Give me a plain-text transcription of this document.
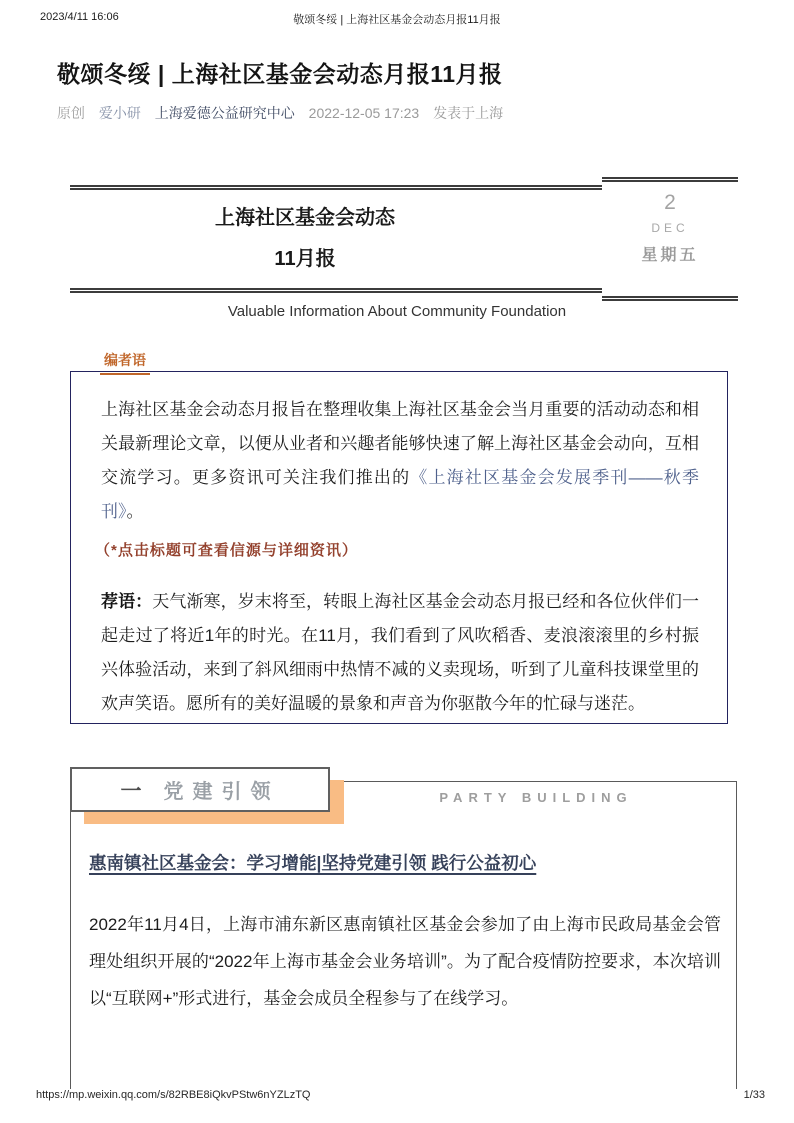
2023/4/11 16:06	敬颂冬绥 | 上海社区基金会动态月报11月报
敬颂冬绥 | 上海社区基金会动态月报11月报
原创 爱小研 上海爱德公益研究中心 2022-12-05 17:23 发表于上海
上海社区基金会动态
11月报
2
DEC
星期五
Valuable Information About Community Foundation
编者语

上海社区基金会动态月报旨在整理收集上海社区基金会当月重要的活动动态和相关最新理论文章，以便从业者和兴趣者能够快速了解上海社区基金会动向，互相交流学习。更多资讯可关注我们推出的《上海社区基金会发展季刊——秋季刊》。

（*点击标题可查看信源与详细资讯）

荐语：天气渐寒，岁末将至，转眼上海社区基金会动态月报已经和各位伙伴们一起走过了将近1年的时光。在11月，我们看到了风吹稻香、麦浪滚滚里的乡村振兴体验活动，来到了斜风细雨中热情不减的义卖现场，听到了儿童科技课堂里的欢声笑语。愿所有的美好温暖的景象和声音为你驱散今年的忙碌与迷茫。

一 党建引领	PARTY BUILDING
惠南镇社区基金会：学习增能|坚持党建引领 践行公益初心

2022年11月4日，上海市浦东新区惠南镇社区基金会参加了由上海市民政局基金会管理处组织开展的“2022年上海市基金会业务培训”。为了配合疫情防控要求，本次培训以“互联网+”形式进行，基金会成员全程参与了在线学习。

https://mp.weixin.qq.com/s/82RBE8iQkvPStw6nYZLzTQ	1/33
